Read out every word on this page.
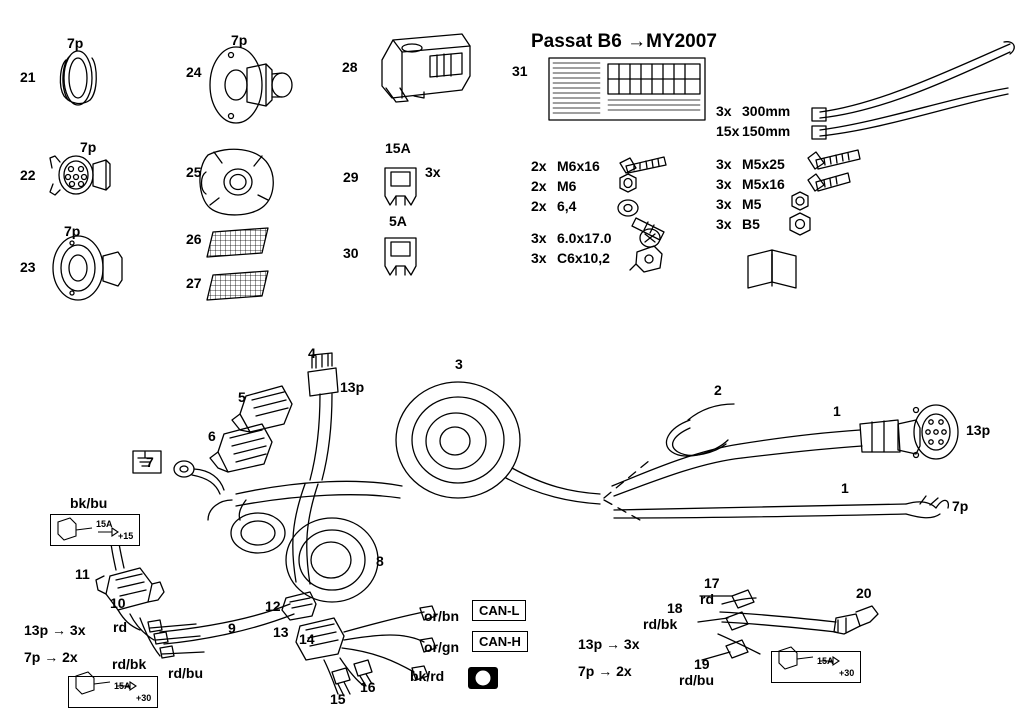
Passat B6 →MY2007
21
7p
22
7p
23
7p
24
7p
25
26
27
28
29
15A
3x
30
5A
31
2x M6x16
2x M6
2x 6,4
3x 6.0x17.0
3x C6x10,2
3x 300mm
15x 150mm
3x M5x25
3x M5x16
3x M5
3x B5
1
1
2
3
4
5
6
7
8
9
10
11
12
13 14
15
16
17
18
19
20
13p
13p
7p
bk/bu
rd
rd/bk
rd/bu	bk/rd
or/bn
or/gn
rd
rd/bk
rd/bu
13p → 3x
7p → 2x
13p → 3x
7p → 2x
CAN-L
CAN-H
15A
+15
15A
+30
15A
+30
